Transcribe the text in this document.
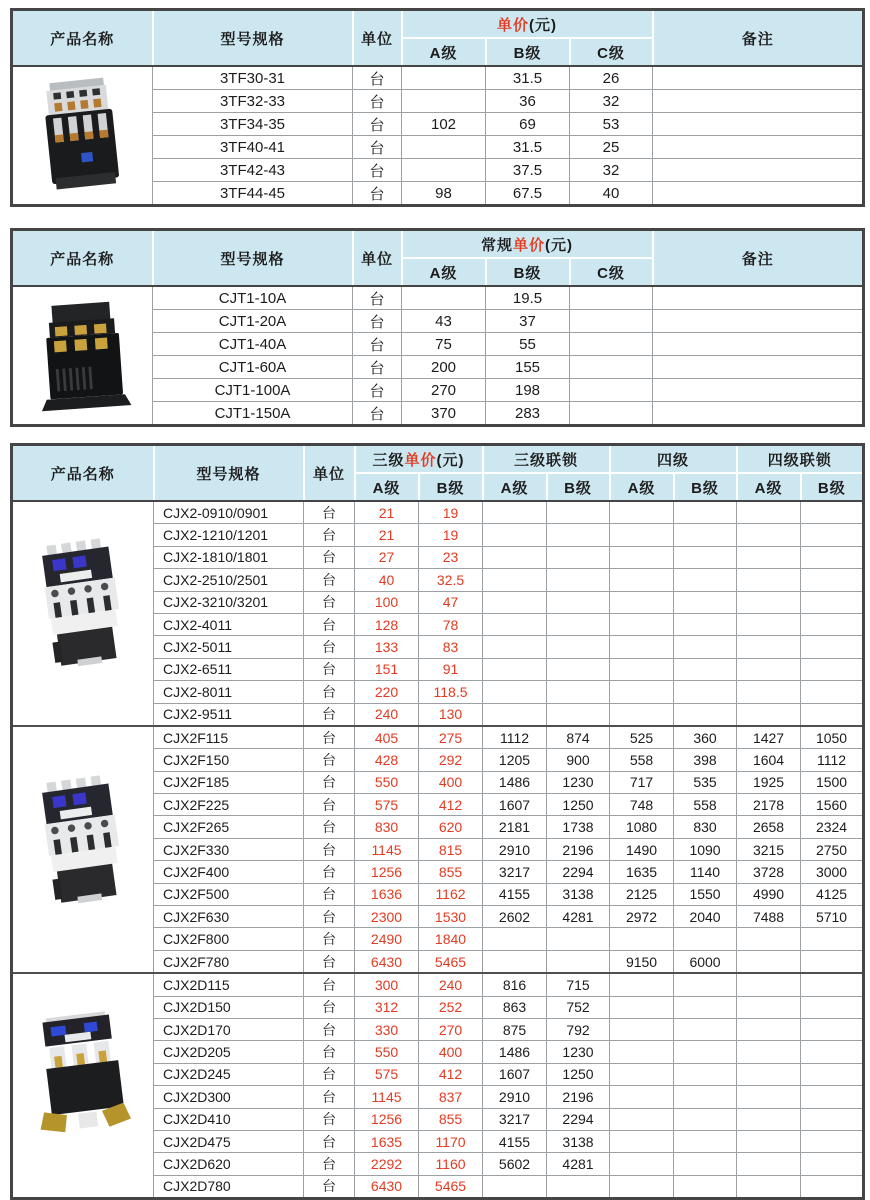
产品名称	型号规格	单位	单价(元)			备注
			A级	B级	C级	

	3TF30-31	台		31.5	26	
	3TF32-33	台		36	32	
	3TF34-35	台	102	69	53	
	3TF40-41	台		31.5	25	
	3TF42-43	台		37.5	32	
	3TF44-45	台	98	67.5	40	
产品名称	型号规格	单位	常规单价(元)			备注
			A级	B级	C级	

	CJT1-10A	台		19.5		
	CJT1-20A	台	43	37		
	CJT1-40A	台	75	55		
	CJT1-60A	台	200	155		
	CJT1-100A	台	270	198		
	CJT1-150A	台	370	283		
产品名称	型号规格	单位	三级单价(元)		三级联锁		四级		四级联锁	
			A级	B级	A级	B级	A级	B级	A级	B级

	CJX2-0910/0901	台	21	19						
	CJX2-1210/1201	台	21	19						
	CJX2-1810/1801	台	27	23						
	CJX2-2510/2501	台	40	32.5						
	CJX2-3210/3201	台	100	47						
	CJX2-4011	台	128	78						
	CJX2-5011	台	133	83						
	CJX2-6511	台	151	91						
	CJX2-8011	台	220	118.5						
	CJX2-9511	台	240	130						

	CJX2F115	台	405	275	1112	874	525	360	1427	1050
	CJX2F150	台	428	292	1205	900	558	398	1604	1112
	CJX2F185	台	550	400	1486	1230	717	535	1925	1500
	CJX2F225	台	575	412	1607	1250	748	558	2178	1560
	CJX2F265	台	830	620	2181	1738	1080	830	2658	2324
	CJX2F330	台	1145	815	2910	2196	1490	1090	3215	2750
	CJX2F400	台	1256	855	3217	2294	1635	1140	3728	3000
	CJX2F500	台	1636	1162	4155	3138	2125	1550	4990	4125
	CJX2F630	台	2300	1530	2602	4281	2972	2040	7488	5710
	CJX2F800	台	2490	1840						
	CJX2F780	台	6430	5465			9150	6000		

	CJX2D115	台	300	240	816	715				
	CJX2D150	台	312	252	863	752				
	CJX2D170	台	330	270	875	792				
	CJX2D205	台	550	400	1486	1230				
	CJX2D245	台	575	412	1607	1250				
	CJX2D300	台	1145	837	2910	2196				
	CJX2D410	台	1256	855	3217	2294				
	CJX2D475	台	1635	1170	4155	3138				
	CJX2D620	台	2292	1160	5602	4281				
	CJX2D780	台	6430	5465						
